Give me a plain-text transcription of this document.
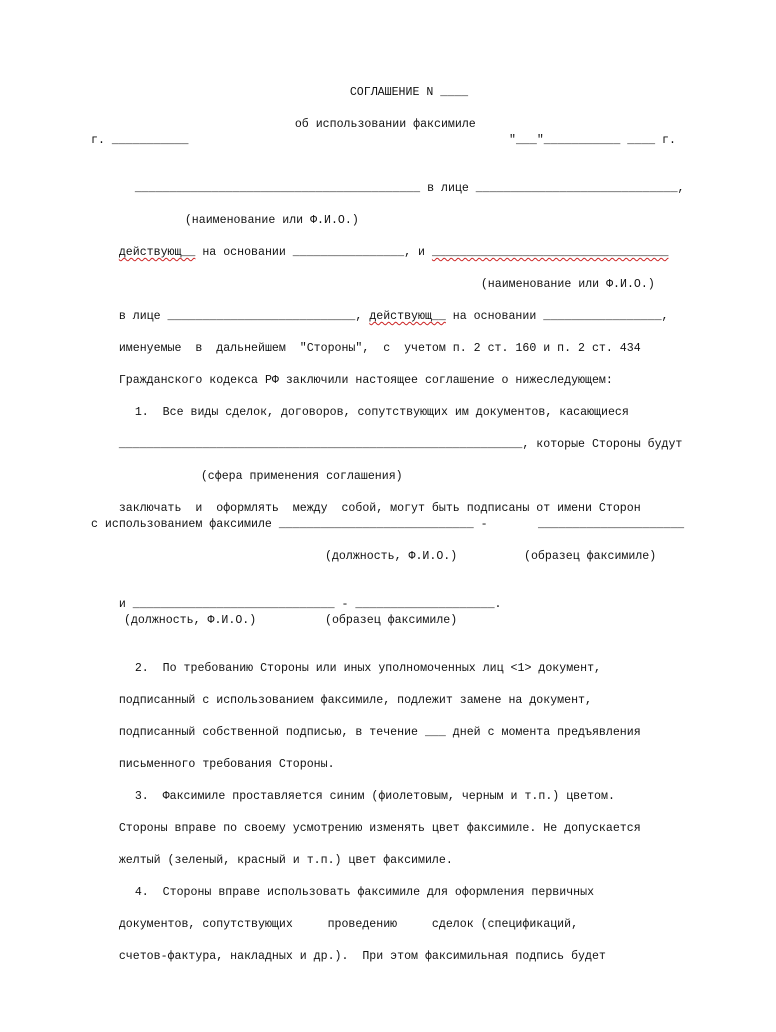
СОГЛАШЕНИЕ N ____

об использовании факсимиле

г. ___________

	"___"___________ ____ г.

_________________________________________ в лице _____________________________,

(наименование или Ф.И.О.)

действующ__ на основании ________________, и __________________________________

(наименование или Ф.И.О.)

в лице ___________________________, действующ__ на основании _________________,

именуемые  в  дальнейшем  "Стороны",  с  учетом п. 2 ст. 160 и п. 2 ст. 434

Гражданского кодекса РФ заключили настоящее соглашение о нижеследующем:

1.  Все виды сделок, договоров, сопутствующих им документов, касающиеся

__________________________________________________________, которые Стороны будут

(сфера применения соглашения)

заключать  и  оформлять  между  собой, могут быть подписаны от имени Сторон

с использованием факсимиле ____________________________ -

	_____________________

(должность, Ф.И.О.)

	(образец факсимиле)

и _____________________________ - ____________________.

(должность, Ф.И.О.)

	(образец факсимиле)

2.  По требованию Стороны или иных уполномоченных лиц <1> документ,

подписанный с использованием факсимиле, подлежит замене на документ,

подписанный собственной подписью, в течение ___ дней с момента предъявления

письменного требования Стороны.

3.  Факсимиле проставляется синим (фиолетовым, черным и т.п.) цветом.

Стороны вправе по своему усмотрению изменять цвет факсимиле. Не допускается

желтый (зеленый, красный и т.п.) цвет факсимиле.

4.  Стороны вправе использовать факсимиле для оформления первичных

документов, сопутствующих     проведению     сделок (спецификаций,

счетов-фактура, накладных и др.).  При этом факсимильная подпись будет
